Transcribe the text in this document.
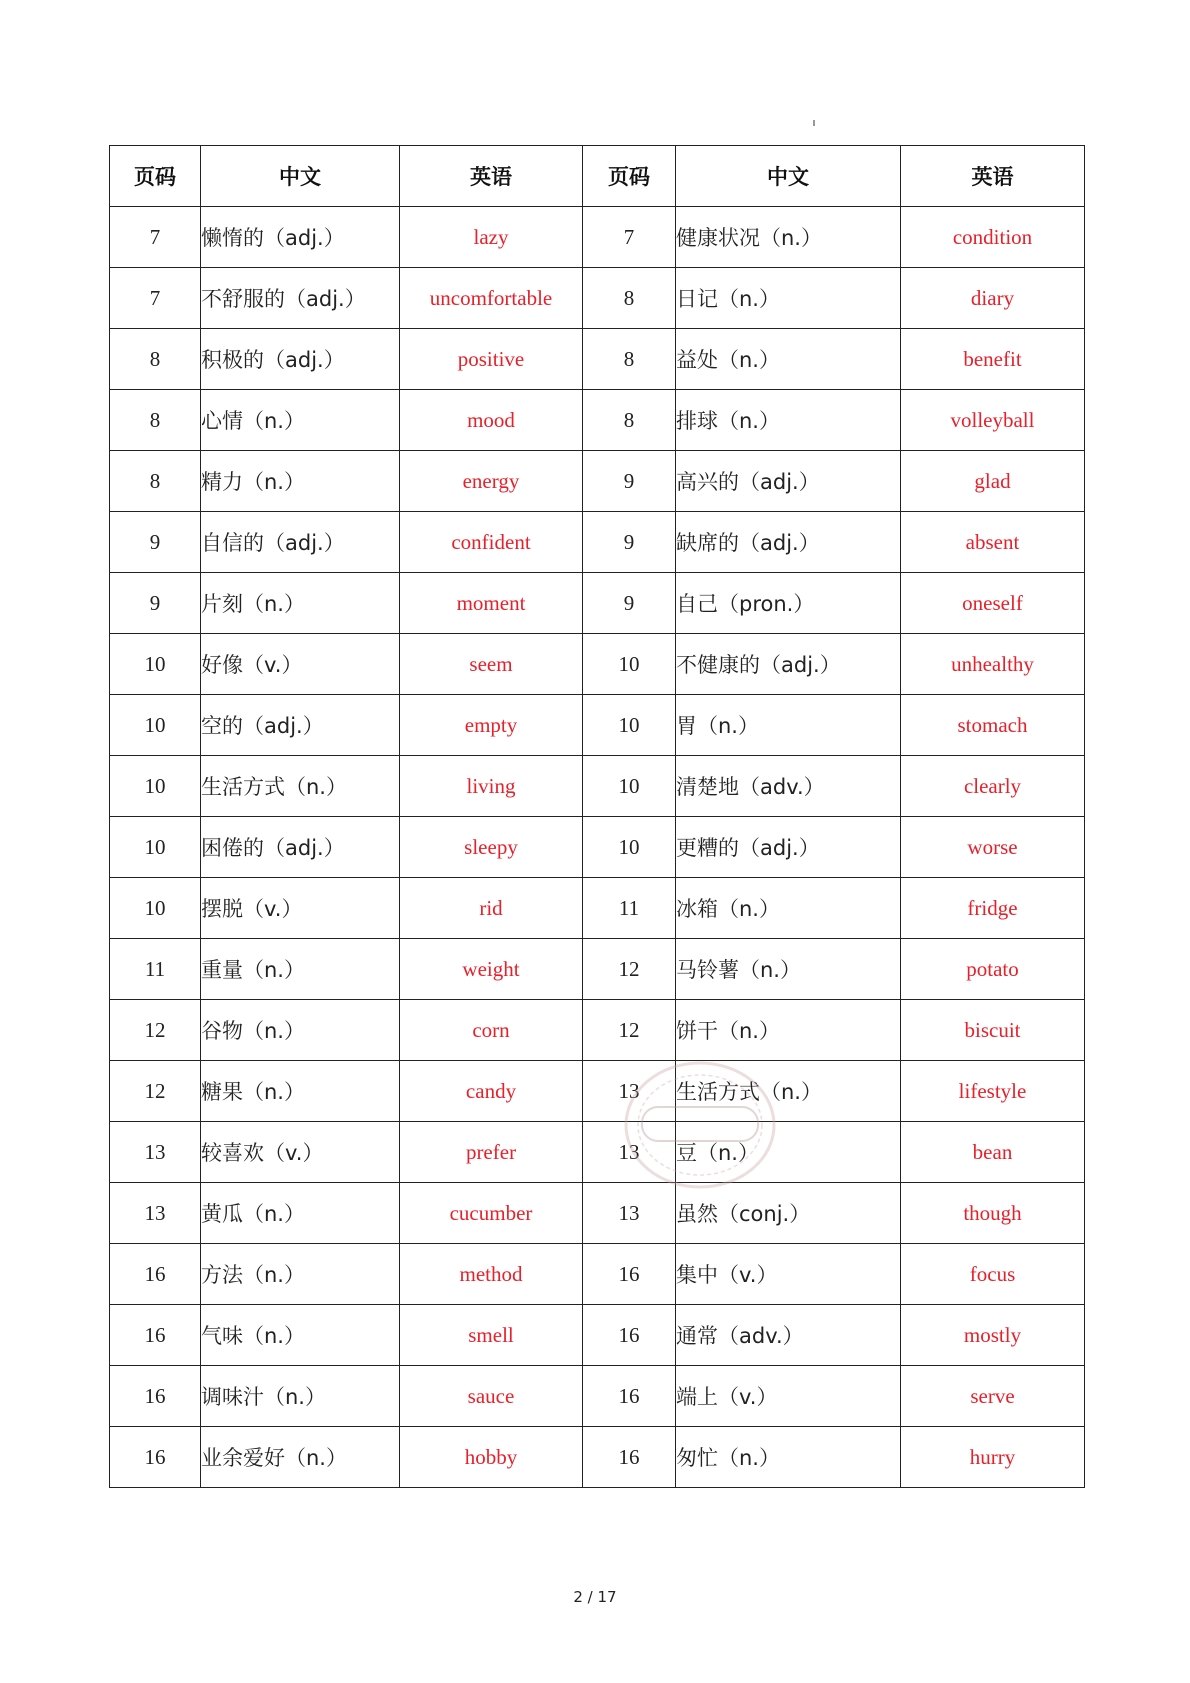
页码	中文	英语	页码	中文	英语
7	懒惰的（adj.）	lazy	7	健康状况（n.）	condition
7	不舒服的（adj.）	uncomfortable	8	日记（n.）	diary
8	积极的（adj.）	positive	8	益处（n.）	benefit
8	心情（n.）	mood	8	排球（n.）	volleyball
8	精力（n.）	energy	9	高兴的（adj.）	glad
9	自信的（adj.）	confident	9	缺席的（adj.）	absent
9	片刻（n.）	moment	9	自己（pron.）	oneself
10	好像（v.）	seem	10	不健康的（adj.）	unhealthy
10	空的（adj.）	empty	10	胃（n.）	stomach
10	生活方式（n.）	living	10	清楚地（adv.）	clearly
10	困倦的（adj.）	sleepy	10	更糟的（adj.）	worse
10	摆脱（v.）	rid	11	冰箱（n.）	fridge
11	重量（n.）	weight	12	马铃薯（n.）	potato
12	谷物（n.）	corn	12	饼干（n.）	biscuit
12	糖果（n.）	candy	13	生活方式（n.）	lifestyle
13	较喜欢（v.）	prefer	13	豆（n.）	bean
13	黄瓜（n.）	cucumber	13	虽然（conj.）	though
16	方法（n.）	method	16	集中（v.）	focus
16	气味（n.）	smell	16	通常（adv.）	mostly
16	调味汁（n.）	sauce	16	端上（v.）	serve
16	业余爱好（n.）	hobby	16	匆忙（n.）	hurry
2 / 17
